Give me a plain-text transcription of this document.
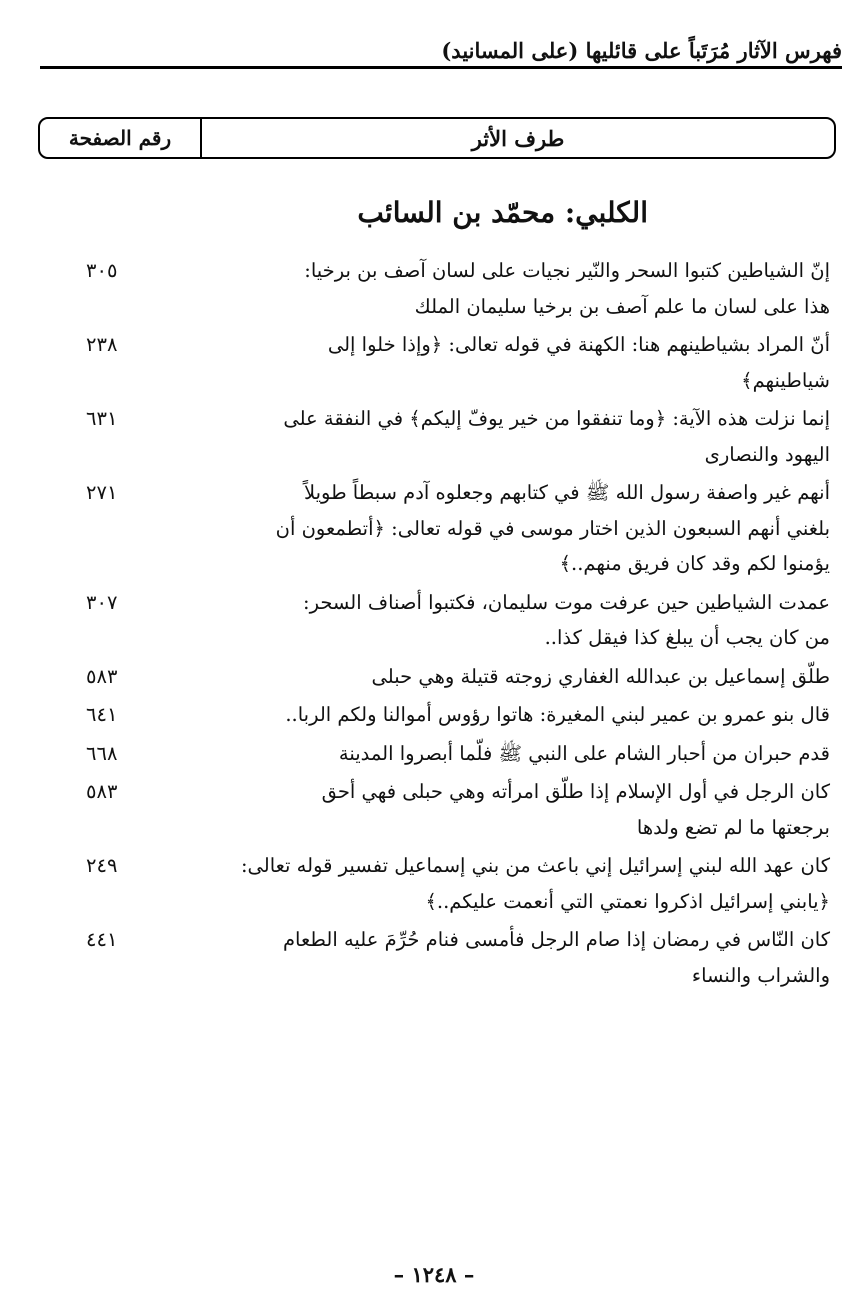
فهرس الآثار مُرَتَباً على قائليها (على المسانيد)
طرف الأثر
رقم الصفحة
الكلبي: محمّد بن السائب
إنّ الشياطين كتبوا السحر والنّير نجيات على لسان آصف بن برخيا:
هذا على لسان ما علم آصف بن برخيا سليمان الملك
٣٠٥
أنّ المراد بشياطينهم هنا: الكهنة في قوله تعالى: ﴿وإذا خلوا إلى
شياطينهم﴾
٢٣٨
إنما نزلت هذه الآية: ﴿وما تنفقوا من خير يوفّ إليكم﴾ في النفقة على
اليهود والنصارى
٦٣١
أنهم غير واصفة رسول الله ﷺ في كتابهم وجعلوه آدم سبطاً طويلاً
بلغني أنهم السبعون الذين اختار موسى في قوله تعالى: ﴿أتطمعون أن
يؤمنوا لكم وقد كان فريق منهم..﴾
٢٧١
عمدت الشياطين حين عرفت موت سليمان، فكتبوا أصناف السحر:
من كان يجب أن يبلغ كذا فيقل كذا..
٣٠٧
طلّق إسماعيل بن عبدالله الغفاري زوجته قتيلة وهي حبلى
٥٨٣
قال بنو عمرو بن عمير لبني المغيرة: هاتوا رؤوس أموالنا ولكم الربا..
٦٤١
قدم حبران من أحبار الشام على النبي ﷺ فلّما أبصروا المدينة
٦٦٨
كان الرجل في أول الإسلام إذا طلّق امرأته وهي حبلى فهي أحق
برجعتها ما لم تضع ولدها
٥٨٣
كان عهد الله لبني إسرائيل إني باعث من بني إسماعيل تفسير قوله تعالى:
﴿يابني إسرائيل اذكروا نعمتي التي أنعمت عليكم..﴾
٢٤٩
كان النّاس في رمضان إذا صام الرجل فأمسى فنام حُرِّمَ عليه الطعام
والشراب والنساء
٤٤١
– ١٢٤٨ –
